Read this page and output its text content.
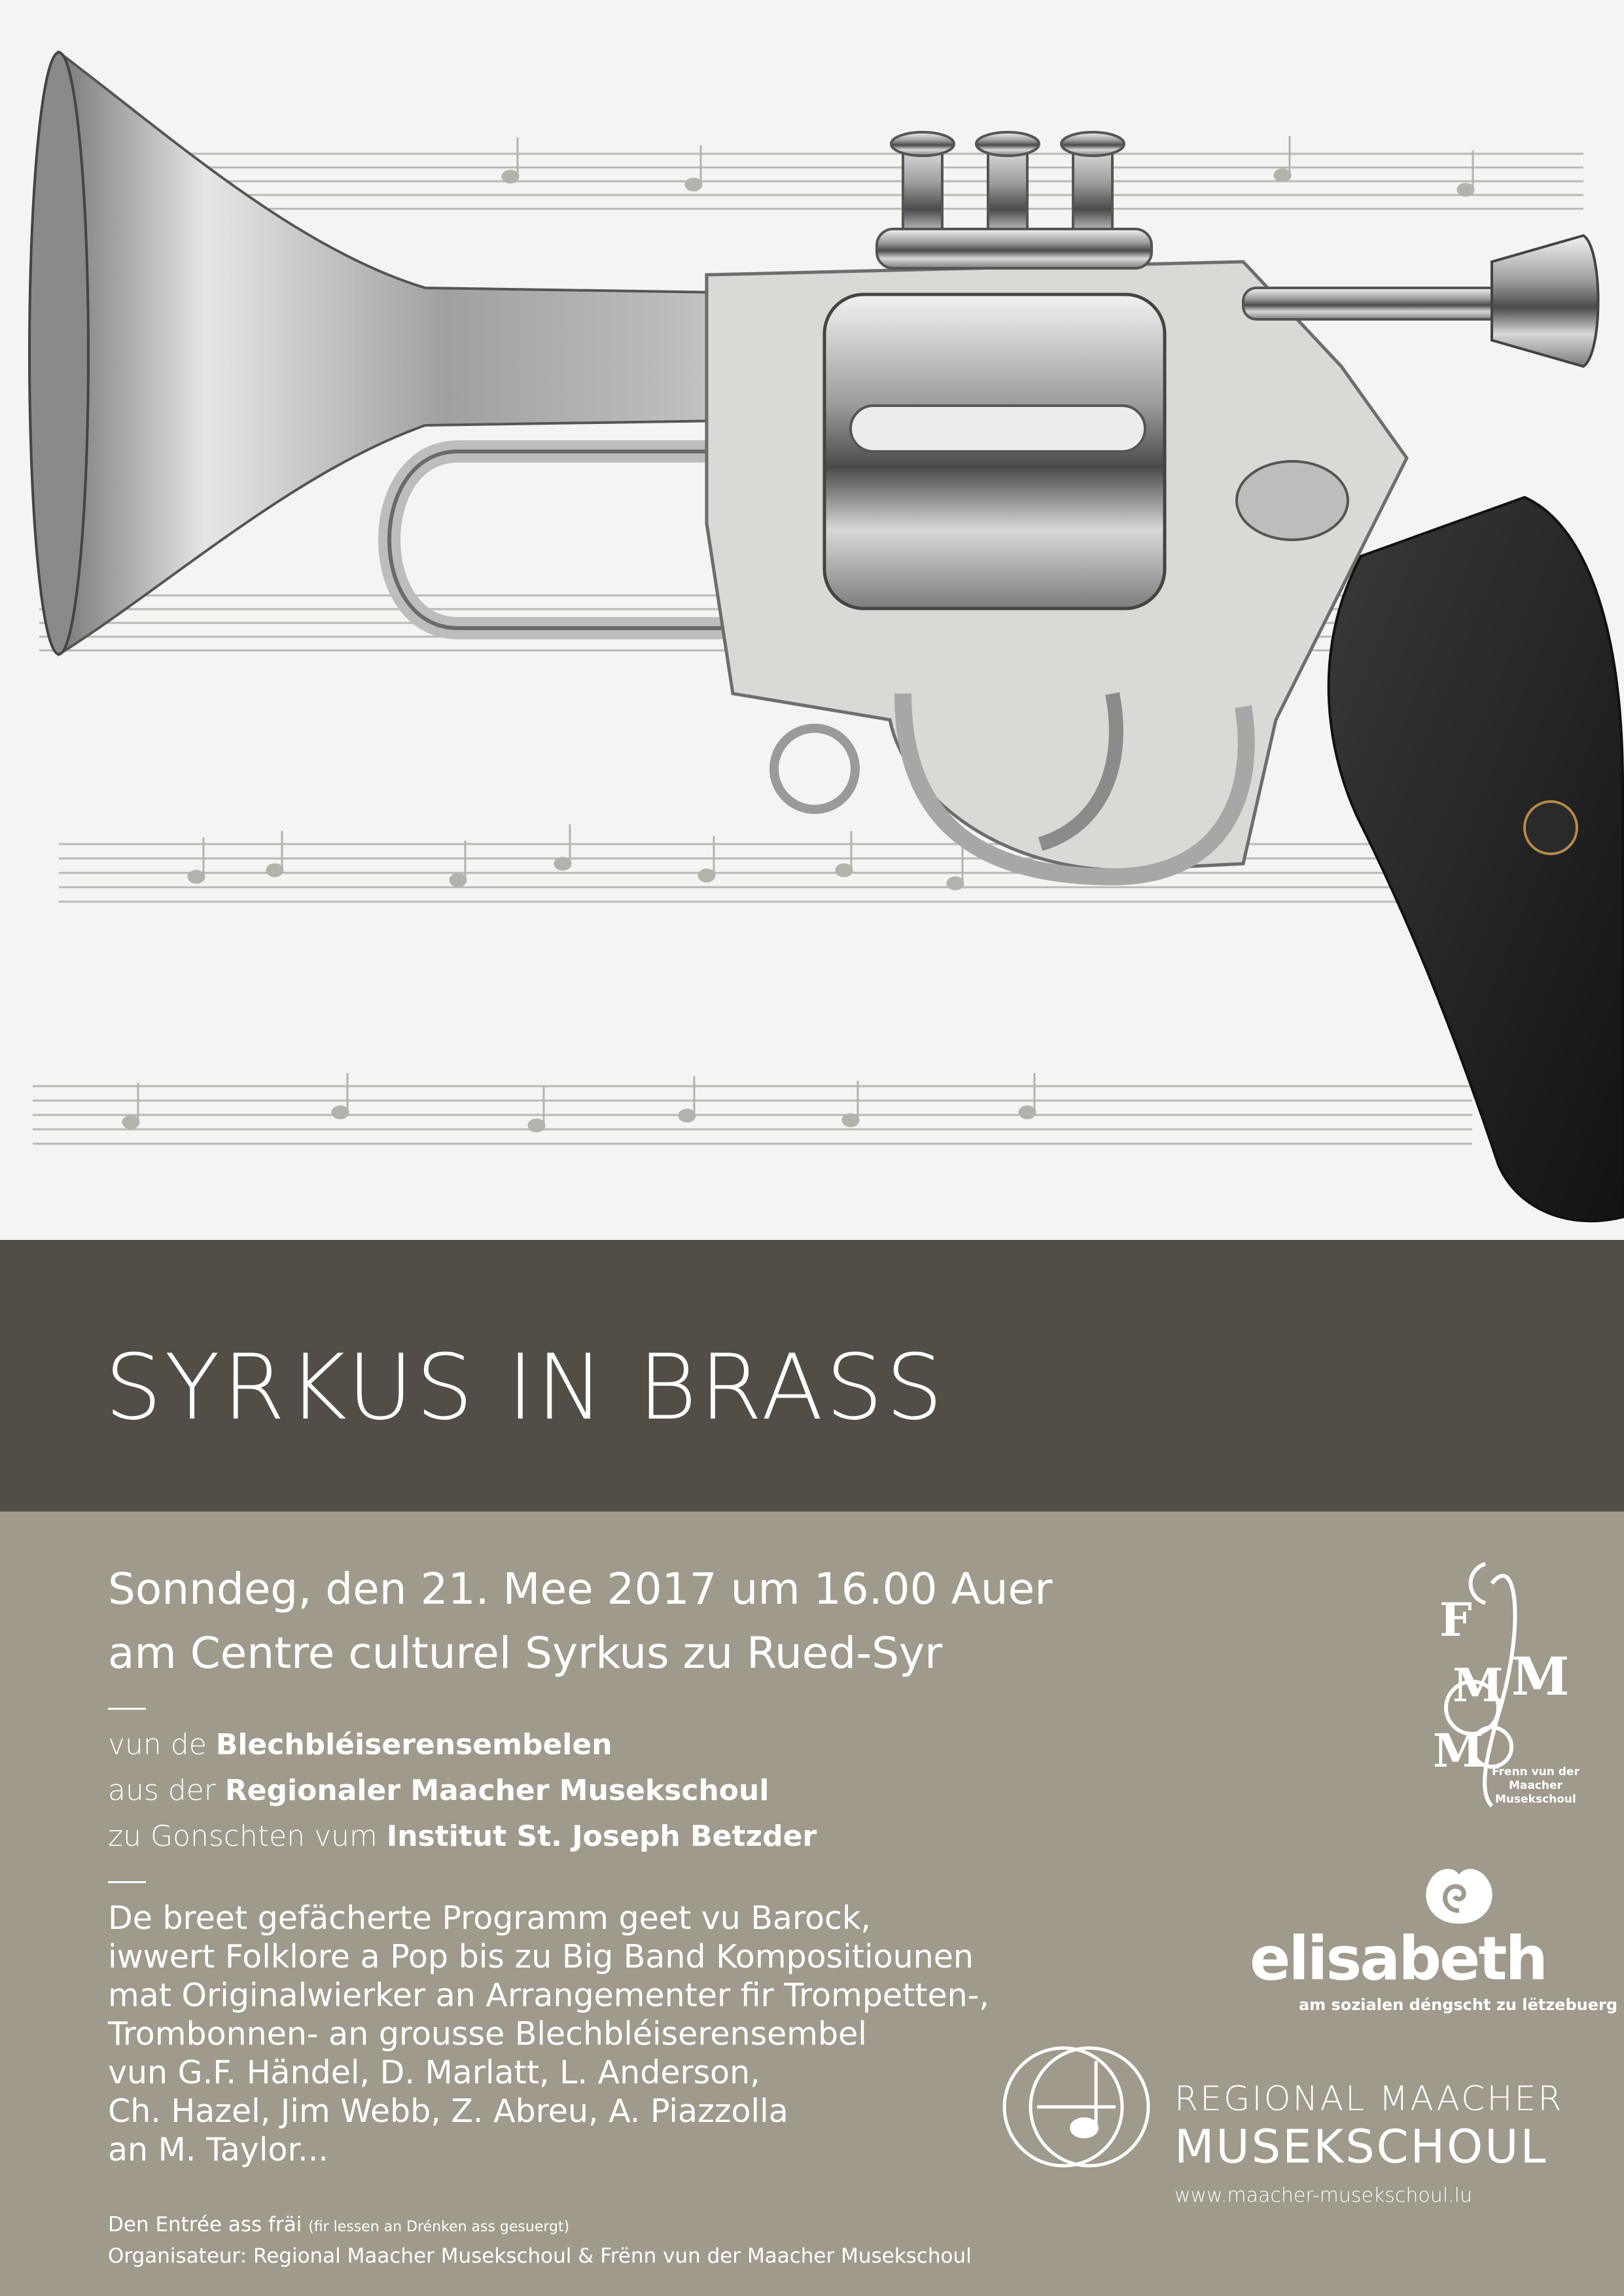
SYRKUS IN BRASS
Sonndeg, den 21. Mee 2017 um 16.00 Auer
am Centre culturel Syrkus zu Rued-Syr
vun de Blechbléiserensembelen
aus der Regionaler Maacher Musekschoul
zu Gonschten vum Institut St. Joseph Betzder
De breet gefächerte Programm geet vu Barock,
iwwert Folklore a Pop bis zu Big Band Kompositiounen
mat Originalwierker an Arrangementer fir Trompetten-,
Trombonnen- an grousse Blechbléiserensembel
vun G.F. Händel, D. Marlatt, L. Anderson,
Ch. Hazel, Jim Webb, Z. Abreu, A. Piazzolla
an M. Taylor...
Den Entrée ass fräi (fir lessen an Drénken ass gesuergt)
Organisateur: Regional Maacher Musekschoul & Frënn vun der Maacher Musekschoul
F
M M
M Frenn vun der
Maacher
Musekschoul
elisabeth
am sozialen déngscht zu lëtzebuerg
REGIONAL MAACHER
MUSEKSCHOUL
www.maacher-musekschoul.lu
